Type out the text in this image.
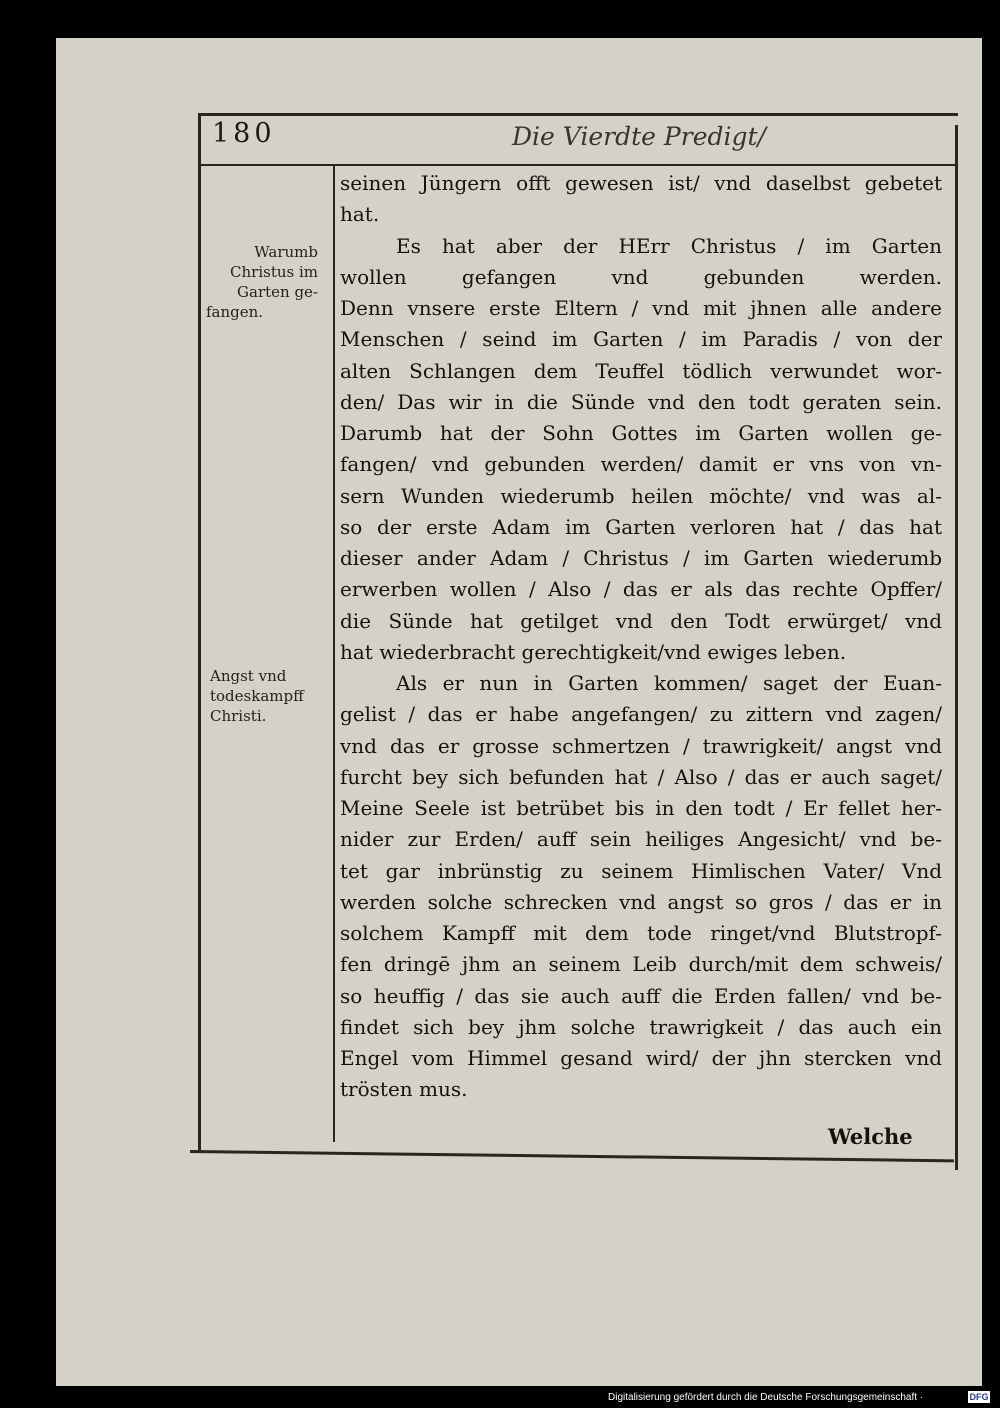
180	Die Vierdte Predigt/
Warumb
Christus im
Garten ge-
fangen.
Angst vnd
todeskampff
Christi.
seinen Jüngern offt gewesen ist/ vnd daselbst gebetet
hat.
Es hat aber der HErr Christus / im Garten
wollen gefangen vnd gebunden werden.
Denn vnsere erste Eltern / vnd mit jhnen alle andere
Menschen / seind im Garten / im Paradis / von der
alten Schlangen dem Teuffel tödlich verwundet wor-
den/ Das wir in die Sünde vnd den todt geraten sein.
Darumb hat der Sohn Gottes im Garten wollen ge-
fangen/ vnd gebunden werden/ damit er vns von vn-
sern Wunden wiederumb heilen möchte/ vnd was al-
so der erste Adam im Garten verloren hat / das hat
dieser ander Adam / Christus / im Garten wiederumb
erwerben wollen / Also / das er als das rechte Opffer/
die Sünde hat getilget vnd den Todt erwürget/ vnd
hat wiederbracht gerechtigkeit/vnd ewiges leben.
Als er nun in Garten kommen/ saget der Euan-
gelist / das er habe angefangen/ zu zittern vnd zagen/
vnd das er grosse schmertzen / trawrigkeit/ angst vnd
furcht bey sich befunden hat / Also / das er auch saget/
Meine Seele ist betrübet bis in den todt / Er fellet her-
nider zur Erden/ auff sein heiliges Angesicht/ vnd be-
tet gar inbrünstig zu seinem Himlischen Vater/ Vnd
werden solche schrecken vnd angst so gros / das er in
solchem Kampff mit dem tode ringet/vnd Blutstropf-
fen dringē jhm an seinem Leib durch/mit dem schweis/
so heuffig / das sie auch auff die Erden fallen/ vnd be-
findet sich bey jhm solche trawrigkeit / das auch ein
Engel vom Himmel gesand wird/ der jhn stercken vnd
trösten mus.
Welche
Digitalisierung gefördert durch die Deutsche Forschungsgemeinschaft ·	DFG
